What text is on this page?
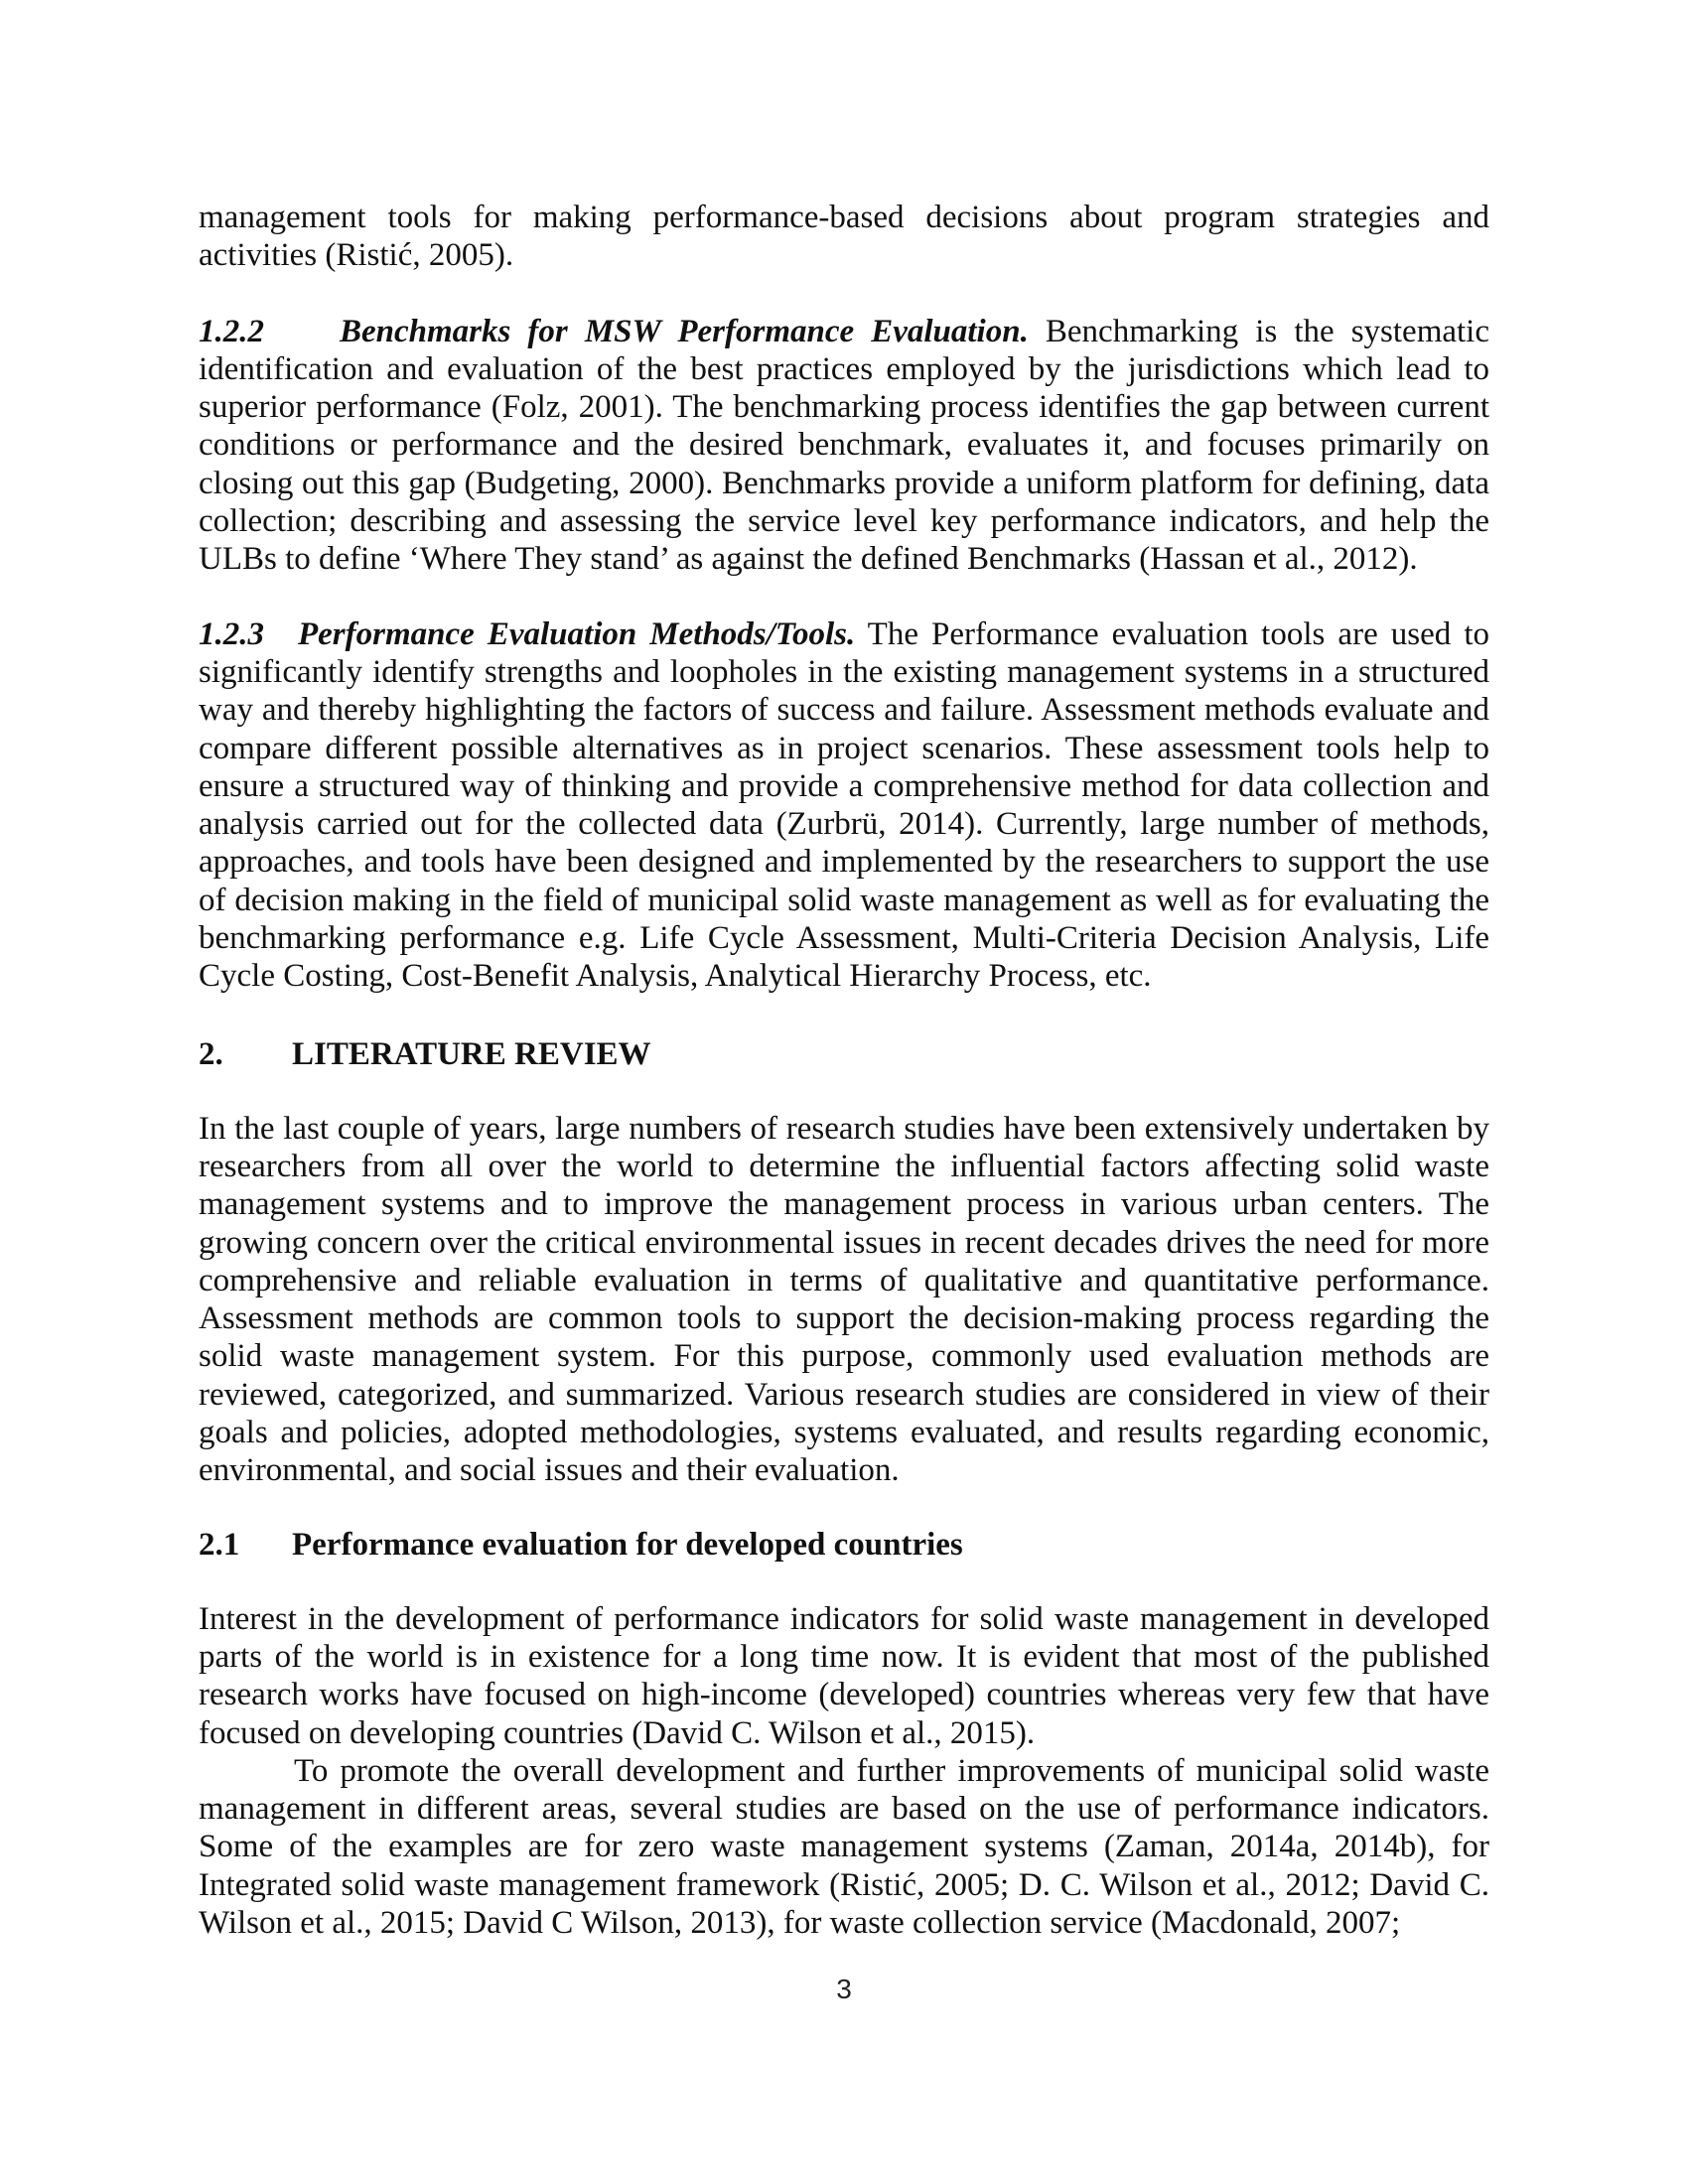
management tools for making performance-based decisions about program strategies and activities (Ristić, 2005).

1.2.2 Benchmarks for MSW Performance Evaluation. Benchmarking is the systematic identification and evaluation of the best practices employed by the jurisdictions which lead to superior performance (Folz, 2001). The benchmarking process identifies the gap between current conditions or performance and the desired benchmark, evaluates it, and focuses primarily on closing out this gap (Budgeting, 2000). Benchmarks provide a uniform platform for defining, data collection; describing and assessing the service level key performance indicators, and help the ULBs to define ‘Where They stand’ as against the defined Benchmarks (Hassan et al., 2012).

1.2.3 Performance Evaluation Methods/Tools. The Performance evaluation tools are used to significantly identify strengths and loopholes in the existing management systems in a structured way and thereby highlighting the factors of success and failure. Assessment methods evaluate and compare different possible alternatives as in project scenarios. These assessment tools help to ensure a structured way of thinking and provide a comprehensive method for data collection and analysis carried out for the collected data (Zurbrü, 2014). Currently, large number of methods, approaches, and tools have been designed and implemented by the researchers to support the use of decision making in the field of municipal solid waste management as well as for evaluating the benchmarking performance e.g. Life Cycle Assessment, Multi-Criteria Decision Analysis, Life Cycle Costing, Cost-Benefit Analysis, Analytical Hierarchy Process, etc.

2. LITERATURE REVIEW

In the last couple of years, large numbers of research studies have been extensively undertaken by researchers from all over the world to determine the influential factors affecting solid waste management systems and to improve the management process in various urban centers. The growing concern over the critical environmental issues in recent decades drives the need for more comprehensive and reliable evaluation in terms of qualitative and quantitative performance. Assessment methods are common tools to support the decision-making process regarding the solid waste management system. For this purpose, commonly used evaluation methods are reviewed, categorized, and summarized. Various research studies are considered in view of their goals and policies, adopted methodologies, systems evaluated, and results regarding economic, environmental, and social issues and their evaluation.

2.1 Performance evaluation for developed countries

Interest in the development of performance indicators for solid waste management in developed parts of the world is in existence for a long time now. It is evident that most of the published research works have focused on high-income (developed) countries whereas very few that have focused on developing countries (David C. Wilson et al., 2015).

To promote the overall development and further improvements of municipal solid waste management in different areas, several studies are based on the use of performance indicators. Some of the examples are for zero waste management systems (Zaman, 2014a, 2014b), for Integrated solid waste management framework (Ristić, 2005; D. C. Wilson et al., 2012; David C. Wilson et al., 2015; David C Wilson, 2013), for waste collection service (Macdonald, 2007;

3
